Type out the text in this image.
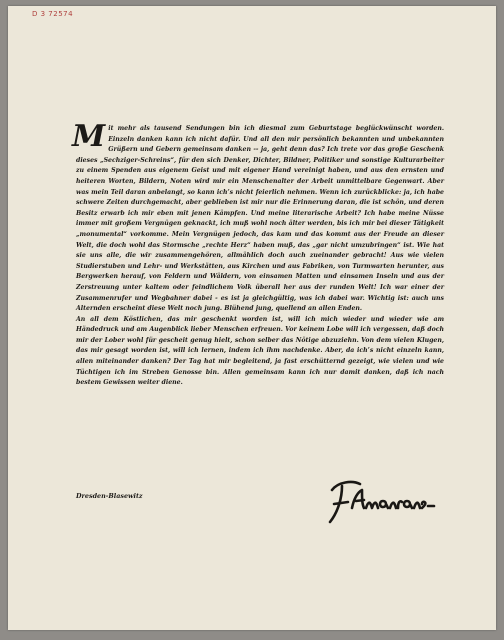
D 3 72574
M it mehr als tausend Sendungen bin ich diesmal zum Geburtstage beglückwünscht worden. Einzeln danken kann ich nicht dafür. Und all den mir persönlich bekannten und unbekannten Grüßern und Gebern gemeinsam danken -- ja, geht denn das? Ich trete vor das große Geschenk dieses „Sechziger-Schreins“, für den sich Denker, Dichter, Bildner, Politiker und sonstige Kulturarbeiter zu einem Spenden aus eigenem Geist und mit eigener Hand vereinigt haben, und aus den ernsten und heiteren Worten, Bildern, Noten wird mir ein Menschenalter der Arbeit unmittelbare Gegenwart. Aber was mein Teil daran anbelangt, so kann ich’s nicht feierlich nehmen. Wenn ich zurückblicke: ja, ich habe schwere Zeiten durchgemacht, aber geblieben ist mir nur die Erinnerung daran, die ist schön, und deren Besitz erwarb ich mir eben mit jenen Kämpfen. Und meine literarische Arbeit? Ich habe meine Nüsse immer mit großem Vergnügen geknackt, ich muß wohl noch älter werden, bis ich mir bei dieser Tätigkeit „monumental“ vorkomme. Mein Vergnügen jedoch, das kam und das kommt aus der Freude an dieser Welt, die doch wohl das Stormsche „rechte Herz“ haben muß, das „gar nicht umzubringen“ ist. Wie hat sie uns alle, die wir zusammengehören, allmählich doch auch zueinander gebracht! Aus wie vielen Studierstuben und Lehr- und Werkstätten, aus Kirchen und aus Fabriken, von Turmwarten herunter, aus Bergwerken herauf, von Feldern und Wäldern, von einsamen Matten und einsamen Inseln und aus der Zerstreuung unter kaltem oder feindlichem Volk überall her aus der runden Welt! Ich war einer der Zusammenrufer und Wegbahner dabei - es ist ja gleichgültig, was ich dabei war. Wichtig ist: auch uns Alternden erscheint diese Welt noch jung. Blühend jung, quellend an allen Enden.

An all dem Köstlichen, das mir geschenkt worden ist, will ich mich wieder und wieder wie am Händedruck und am Augenblick lieber Menschen erfreuen. Vor keinem Lobe will ich vergessen, daß doch mir der Lober wohl für gescheit genug hielt, schon selber das Nötige abzuziehn. Von dem vielen Klugen, das mir gesagt worden ist, will ich lernen, indem ich ihm nachdenke. Aber, da ich’s nicht einzeln kann, allen miteinander danken? Der Tag hat mir begleitend, ja fast erschütternd gezeigt, wie vielen und wie Tüchtigen ich im Streben Genosse bin. Allen gemeinsam kann ich nur damit danken, daß ich nach bestem Gewissen weiter diene.

Dresden-Blasewitz
